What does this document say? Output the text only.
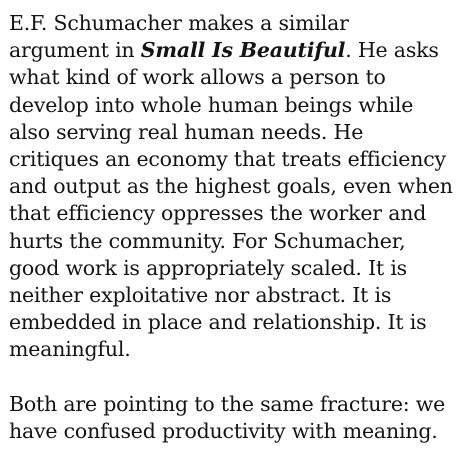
E.F. Schumacher makes a similar
argument in Small Is Beautiful. He asks
what kind of work allows a person to
develop into whole human beings while
also serving real human needs. He
critiques an economy that treats efficiency
and output as the highest goals, even when
that efficiency oppresses the worker and
hurts the community. For Schumacher,
good work is appropriately scaled. It is
neither exploitative nor abstract. It is
embedded in place and relationship. It is
meaningful.

Both are pointing to the same fracture: we
have confused productivity with meaning.
